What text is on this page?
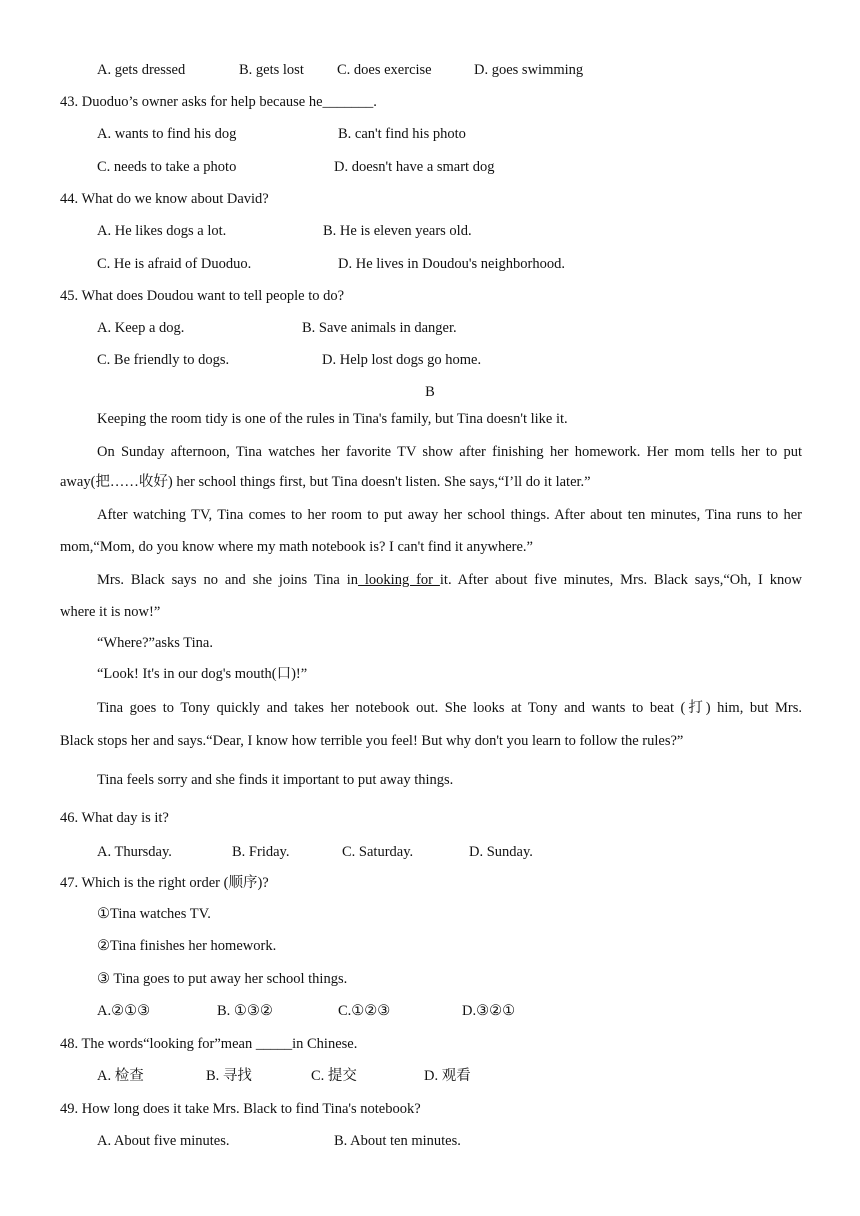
A. gets dressed	B. gets lost C. does exercise	D. goes swimming
43. Duoduo’s owner asks for help because he_______.
A. wants to find his dog	B. can't find his photo
C. needs to take a photo	D. doesn't have a smart dog
44. What do we know about David?
A. He likes dogs a lot.	B. He is eleven years old.
C. He is afraid of Duoduo.	D. He lives in Doudou's neighborhood.
45. What does Doudou want to tell people to do?
A. Keep a dog.	B. Save animals in danger.
C. Be friendly to dogs.	D. Help lost dogs go home.
B
Keeping the room tidy is one of the rules in Tina's family, but Tina doesn't like it.
On Sunday afternoon, Tina watches her favorite TV show after finishing her homework. Her mom tells her to put
away(把……收好) her school things first, but Tina doesn't listen. She says,“I’ll do it later.”
After watching TV, Tina comes to her room to put away her school things. After about ten minutes, Tina runs to her
mom,“Mom, do you know where my math notebook is? I can't find it anywhere.”
Mrs. Black says no and she joins Tina in looking for it. After about five minutes, Mrs. Black says,“Oh, I know
where it is now!”
“Where?”asks Tina.
“Look! It's in our dog's mouth(口)!”
Tina goes to Tony quickly and takes her notebook out. She looks at Tony and wants to beat (打) him, but Mrs.
Black stops her and says.“Dear, I know how terrible you feel! But why don't you learn to follow the rules?”
Tina feels sorry and she finds it important to put away things.
46. What day is it?
A. Thursday.	B. Friday.	C. Saturday.	D. Sunday.
47. Which is the right order (顺序)?
①Tina watches TV.
②Tina finishes her homework.
③ Tina goes to put away her school things.
A.②①③	B. ①③②	C.①②③	D.③②①
48. The words“looking for”mean _____in Chinese.
A. 检查	B. 寻找	C. 提交	D. 观看
49. How long does it take Mrs. Black to find Tina's notebook?
A. About five minutes.	B. About ten minutes.
